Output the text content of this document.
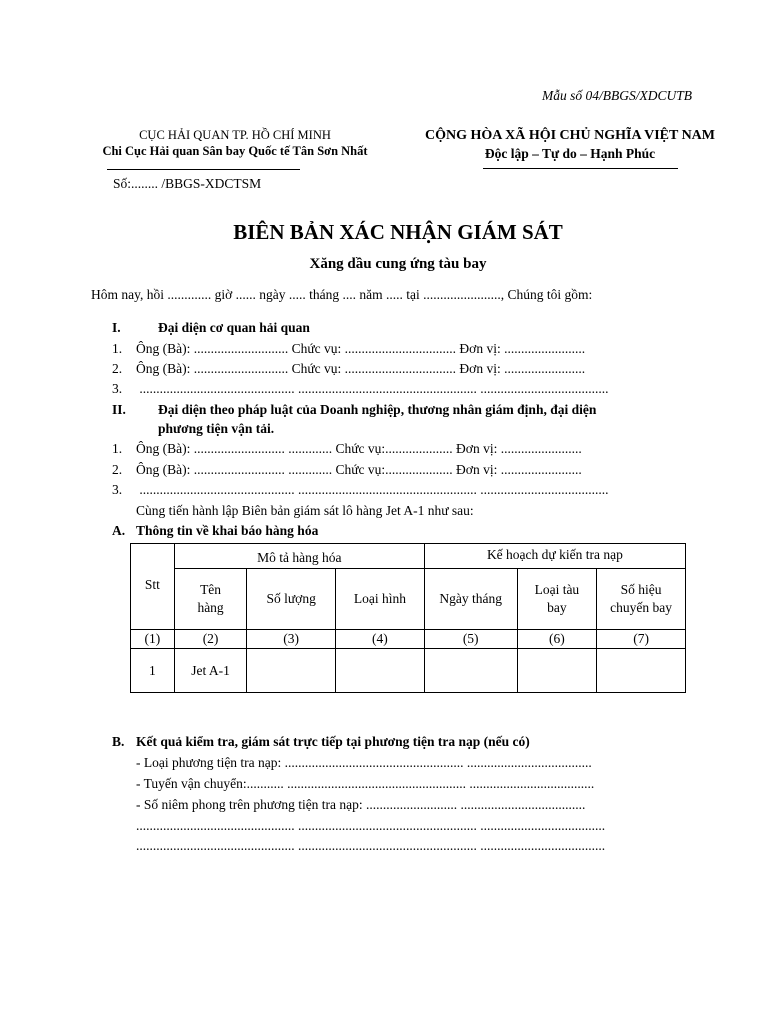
Mẫu số 04/BBGS/XDCUTB
CỤC HẢI QUAN TP. HỒ CHÍ MINH
Chi Cục Hải quan Sân bay Quốc tế Tân Sơn Nhất
Số:........ /BBGS-XDCTSM
CỘNG HÒA XÃ HỘI CHỦ NGHĨA VIỆT NAM
Độc lập – Tự do – Hạnh Phúc
BIÊN BẢN XÁC NHẬN GIÁM SÁT
Xăng dầu cung ứng tàu bay
Hôm nay, hồi ............. giờ ...... ngày ..... tháng .... năm ..... tại ......................., Chúng tôi gồm:
I.	Đại diện cơ quan hải quan
1. Ông (Bà): ............................ Chức vụ: ................................. Đơn vị: ........................
2. Ông (Bà): ............................ Chức vụ: ................................. Đơn vị: ........................
3. .............................................. ..................................................... ......................................
II. Đại diện theo pháp luật của Doanh nghiệp, thương nhân giám định, đại diện
phương tiện vận tải.
1. Ông (Bà): ........................... ............. Chức vụ:.................... Đơn vị: ........................
2. Ông (Bà): ........................... ............. Chức vụ:.................... Đơn vị: ........................
3. .............................................. ..................................................... ......................................
Cùng tiến hành lập Biên bản giám sát lô hàng Jet A-1 như sau:
A. Thông tin về khai báo hàng hóa
Stt	Mô tả hàng hóa			Kế hoạch dự kiến tra nạp		
	Tên hàng	Số lượng	Loại hình	Ngày tháng	Loại tàu bay	Số hiệu chuyến bay
(1)	(2)	(3)	(4)	(5)	(6)	(7)
1	Jet A-1					
B. Kết quả kiểm tra, giám sát trực tiếp tại phương tiện tra nạp (nếu có)
- Loại phương tiện tra nạp: ..................................................... .....................................
- Tuyến vận chuyển:........... ..................................................... .....................................
- Số niêm phong trên phương tiện tra nạp: ........................... .....................................
............................................... ..................................................... .....................................
............................................... ..................................................... .....................................
